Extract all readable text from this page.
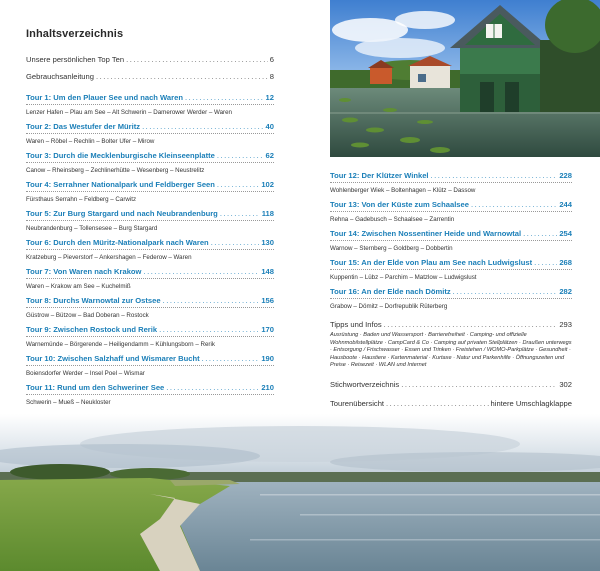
Inhaltsverzeichnis
Unsere persönlichen Top Ten .....	6
Gebrauchsanleitung .....	8
Tour 1: Um den Plauer See und nach Waren .....	12
Lenzer Hafen – Plau am See – Alt Schwerin – Damerower Werder – Waren
Tour 2: Das Westufer der Müritz .....	40
Waren – Röbel – Rechlin – Bolter Ufer – Mirow
Tour 3: Durch die Mecklenburgische Kleinseenplatte .....	62
Canow – Rheinsberg – Zechlinerhütte – Wesenberg – Neustrelitz
Tour 4: Serrahner Nationalpark und Feldberger Seen .....	102
Fürsthaus Serrahn – Feldberg – Carwitz
Tour 5: Zur Burg Stargard und nach Neubrandenburg .....	118
Neubrandenburg – Tollensesee – Burg Stargard
Tour 6: Durch den Müritz-Nationalpark nach Waren .....	130
Kratzeburg – Pieverstorf – Ankershagen – Federow – Waren
Tour 7: Von Waren nach Krakow .....	148
Waren – Krakow am See – Kuchelmiß
Tour 8: Durchs Warnowtal zur Ostsee .....	156
Güstrow – Bützow – Bad Doberan – Rostock
Tour 9: Zwischen Rostock und Rerik .....	170
Warnemünde – Börgerende – Heiligendamm – Kühlungsborn – Rerik
Tour 10: Zwischen Salzhaff und Wismarer Bucht .....	190
Boiensdorfer Werder – Insel Poel – Wismar
Tour 11: Rund um den Schweriner See .....	210
Schwerin – Mueß – Neukloster
Tour 12: Der Klützer Winkel .....	228
Wohlenberger Wiek – Boltenhagen – Klütz – Dassow
Tour 13: Von der Küste zum Schaalsee .....	244
Rehna – Gadebusch – Schaalsee – Zarrentin
Tour 14: Zwischen Nossentiner Heide und Warnowtal .....	254
Warnow – Sternberg – Goldberg – Dobbertin
Tour 15: An der Elde von Plau am See nach Ludwigslust .....	268
Kuppentin – Lübz – Parchim – Matzlow – Ludwigslust
Tour 16: An der Elde nach Dömitz .....	282
Grabow – Dömitz – Dorfrepublik Rüterberg
Tipps und Infos .....	293
Ausrüstung · Baden und Wassersport · Barrierefreiheit · Camping- und offizielle Wohnmobilstellplätze · CampCard & Co · Camping auf privaten Stellplätzen · Draußen unterwegs · Entsorgung / Frischwasser · Essen und Trinken · Freistehen / WOMO-Parkplätze · Gesundheit · Hausboote · Haustiere · Kartenmaterial · Kurtaxe · Natur und Parkenhilfe · Öffnungszeiten und Preise · Reisezeit · WLAN und Internet
Stichwortverzeichnis .....	302
Tourenübersicht .....	hintere Umschlagklappe
